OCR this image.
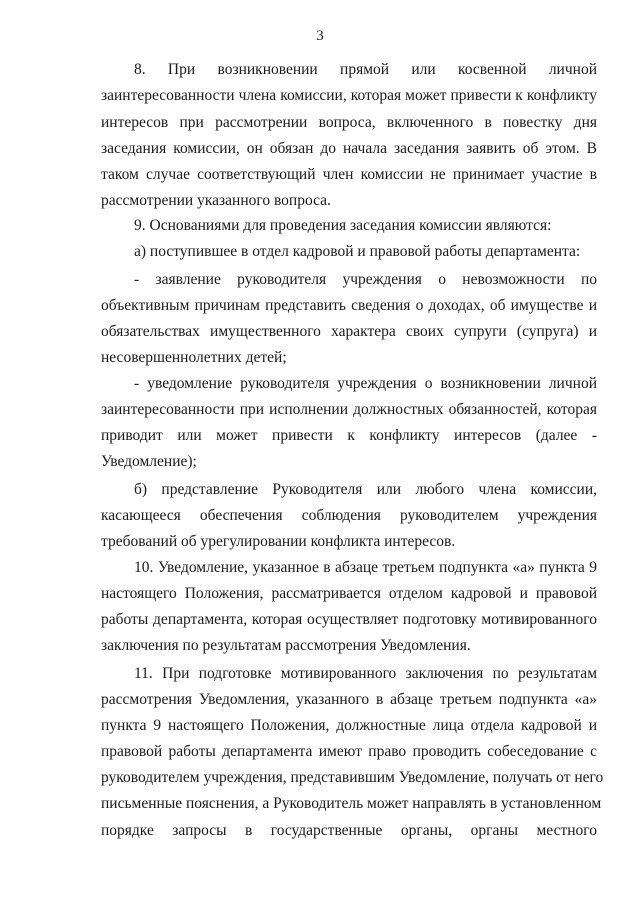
3
8. При возникновении прямой или косвенной личной
заинтересованности члена комиссии, которая может привести к конфликту
интересов при рассмотрении вопроса, включенного в повестку дня
заседания комиссии, он обязан до начала заседания заявить об этом. В
таком случае соответствующий член комиссии не принимает участие в
рассмотрении указанного вопроса.
9. Основаниями для проведения заседания комиссии являются:
а) поступившее в отдел кадровой и правовой работы департамента:
- заявление руководителя учреждения о невозможности по
объективным причинам представить сведения о доходах, об имуществе и
обязательствах имущественного характера своих супруги (супруга) и
несовершеннолетних детей;
- уведомление руководителя учреждения о возникновении личной
заинтересованности при исполнении должностных обязанностей, которая
приводит или может привести к конфликту интересов (далее -
Уведомление);
б) представление Руководителя или любого члена комиссии,
касающееся обеспечения соблюдения руководителем учреждения
требований об урегулировании конфликта интересов.
10. Уведомление, указанное в абзаце третьем подпункта «а» пункта 9
настоящего Положения, рассматривается отделом кадровой и правовой
работы департамента, которая осуществляет подготовку мотивированного
заключения по результатам рассмотрения Уведомления.
11. При подготовке мотивированного заключения по результатам
рассмотрения Уведомления, указанного в абзаце третьем подпункта «а»
пункта 9 настоящего Положения, должностные лица отдела кадровой и
правовой работы департамента имеют право проводить собеседование с
руководителем учреждения, представившим Уведомление, получать от него
письменные пояснения, а Руководитель может направлять в установленном
порядке запросы в государственные органы, органы местного
